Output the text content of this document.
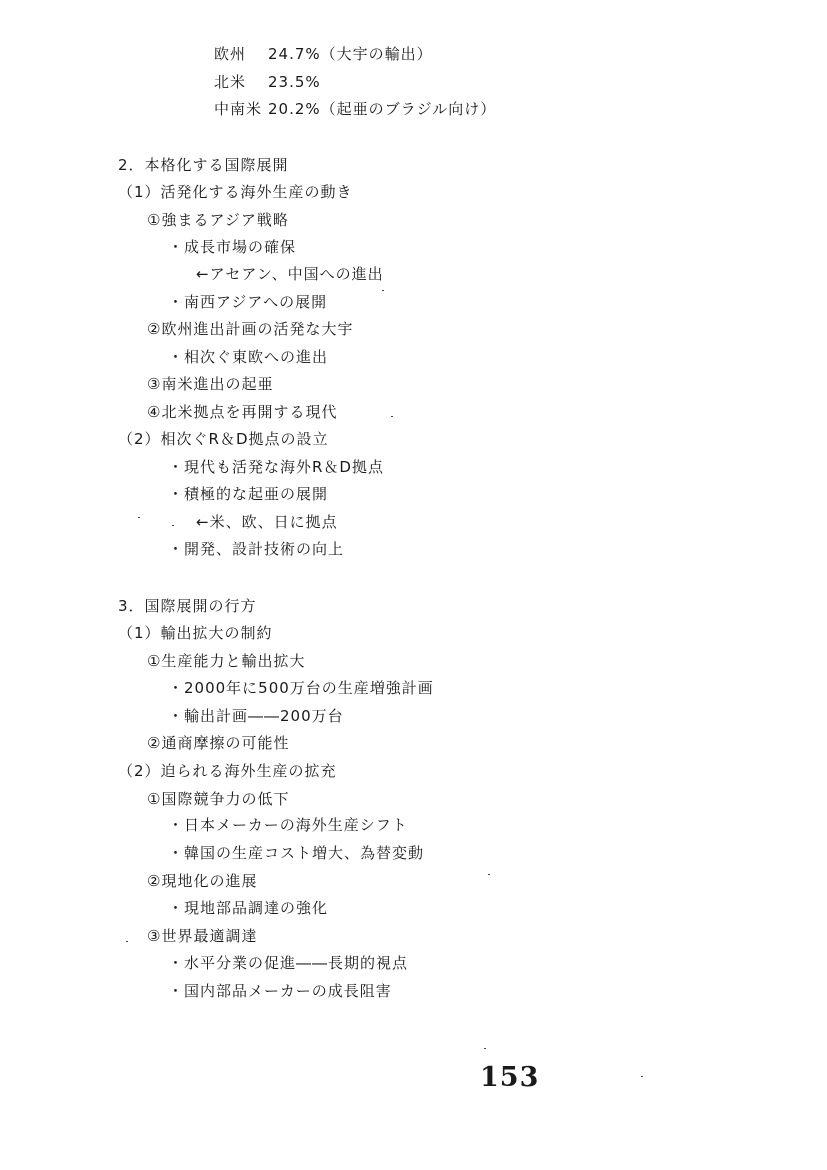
欧州 24.7%（大宇の輸出）
北米 23.5%
中南米 20.2%（起亜のブラジル向け）
2．本格化する国際展開
（1）活発化する海外生産の動き
①強まるアジア戦略
・成長市場の確保
←アセアン、中国への進出
・南西アジアへの展開
②欧州進出計画の活発な大宇
・相次ぐ東欧への進出
③南米進出の起亜
④北米拠点を再開する現代
（2）相次ぐR＆D拠点の設立
・現代も活発な海外R＆D拠点
・積極的な起亜の展開
←米、欧、日に拠点
・開発、設計技術の向上
3．国際展開の行方
（1）輸出拡大の制約
①生産能力と輸出拡大
・2000年に500万台の生産増強計画
・輸出計画――200万台
②通商摩擦の可能性
（2）迫られる海外生産の拡充
①国際競争力の低下
・日本メーカーの海外生産シフト
・韓国の生産コスト増大、為替変動
②現地化の進展
・現地部品調達の強化
③世界最適調達
・水平分業の促進――長期的視点
・国内部品メーカーの成長阻害
153
